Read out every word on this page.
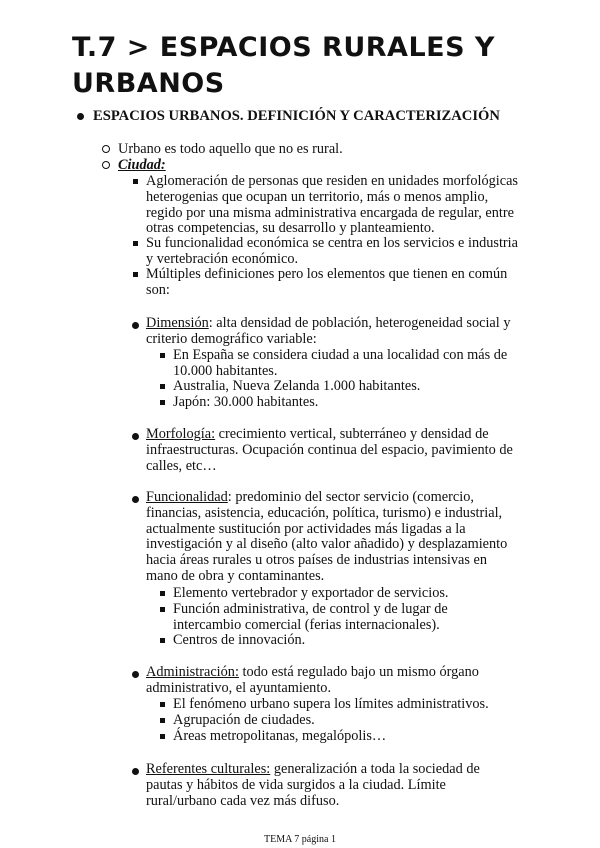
T.7 > ESPACIOS RURALES Y URBANOS
ESPACIOS URBANOS. DEFINICIÓN Y CARACTERIZACIÓN
Urbano es todo aquello que no es rural.
Ciudad:
Aglomeración de personas que residen en unidades morfológicas heterogenias que ocupan un territorio, más o menos amplio, regido por una misma administrativa encargada de regular, entre otras competencias, su desarrollo y planteamiento.
Su funcionalidad económica se centra en los servicios e industria y vertebración económico.
Múltiples definiciones pero los elementos que tienen en común son:
Dimensión: alta densidad de población, heterogeneidad social y criterio demográfico variable:
En España se considera ciudad a una localidad con más de 10.000 habitantes.
Australia, Nueva Zelanda 1.000 habitantes.
Japón: 30.000 habitantes.
Morfología: crecimiento vertical, subterráneo y densidad de infraestructuras. Ocupación continua del espacio, pavimiento de calles, etc…
Funcionalidad: predominio del sector servicio (comercio, financias, asistencia, educación, política, turismo) e industrial, actualmente sustitución por actividades más ligadas a la investigación y al diseño (alto valor añadido) y desplazamiento hacia áreas rurales u otros países de industrias intensivas en mano de obra y contaminantes.
Elemento vertebrador y exportador de servicios.
Función administrativa, de control y de lugar de intercambio comercial (ferias internacionales).
Centros de innovación.
Administración: todo está regulado bajo un mismo órgano administrativo, el ayuntamiento.
El fenómeno urbano supera los límites administrativos.
Agrupación de ciudades.
Áreas metropolitanas, megalópolis…
Referentes culturales: generalización a toda la sociedad de pautas y hábitos de vida surgidos a la ciudad. Límite rural/urbano cada vez más difuso.
TEMA 7 página 1
